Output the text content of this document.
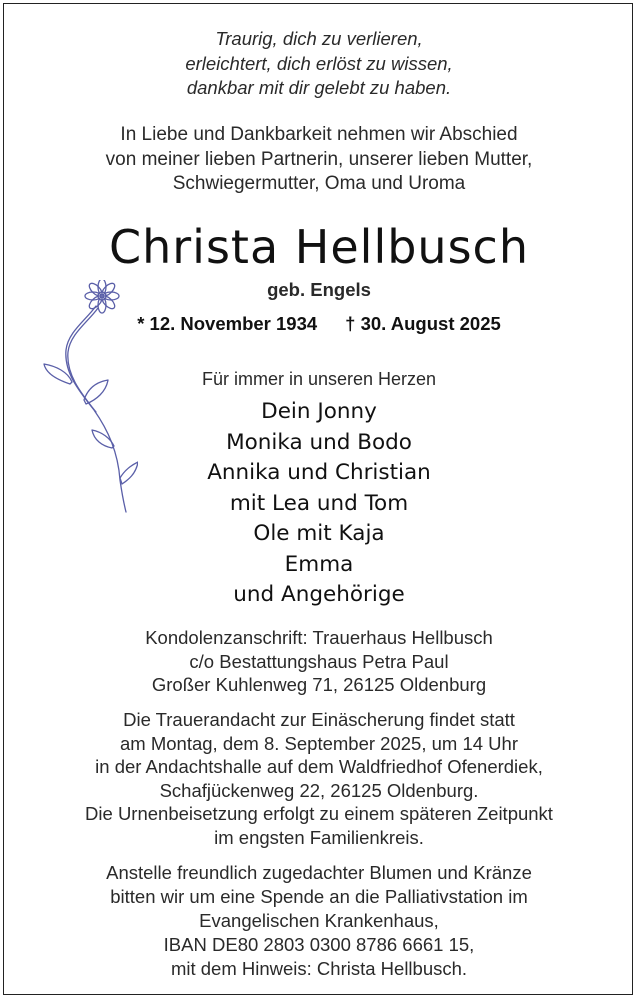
Traurig, dich zu verlieren,
erleichtert, dich erlöst zu wissen,
dankbar mit dir gelebt zu haben.
In Liebe und Dankbarkeit nehmen wir Abschied
von meiner lieben Partnerin, unserer lieben Mutter,
Schwiegermutter, Oma und Uroma
Christa Hellbusch
geb. Engels
* 12. November 1934 † 30. August 2025
Für immer in unseren Herzen
Dein Jonny
Monika und Bodo
Annika und Christian
mit Lea und Tom
Ole mit Kaja
Emma
und Angehörige
Kondolenzanschrift: Trauerhaus Hellbusch
c/o Bestattungshaus Petra Paul
Großer Kuhlenweg 71, 26125 Oldenburg
Die Trauerandacht zur Einäscherung findet statt
am Montag, dem 8. September 2025, um 14 Uhr
in der Andachtshalle auf dem Waldfriedhof Ofenerdiek,
Schafjückenweg 22, 26125 Oldenburg.
Die Urnenbeisetzung erfolgt zu einem späteren Zeitpunkt
im engsten Familienkreis.
Anstelle freundlich zugedachter Blumen und Kränze
bitten wir um eine Spende an die Palliativstation im
Evangelischen Krankenhaus,
IBAN DE80 2803 0300 8786 6661 15,
mit dem Hinweis: Christa Hellbusch.
